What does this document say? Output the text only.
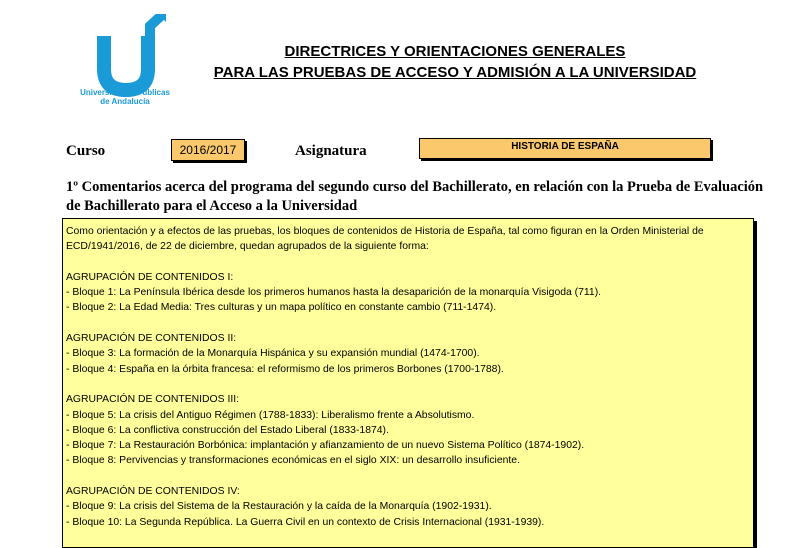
Universidades Públicas
de Andalucía
DIRECTRICES Y ORIENTACIONES GENERALES
PARA LAS PRUEBAS DE ACCESO Y ADMISIÓN A LA UNIVERSIDAD
Curso	2016/2017	Asignatura	HISTORIA DE ESPAÑA
1º Comentarios acerca del programa del segundo curso del Bachillerato, en relación con la Prueba de Evaluación de Bachillerato para el Acceso a la Universidad

Como orientación y a efectos de las pruebas, los bloques de contenidos de Historia de España, tal como figuran en la Orden Ministerial de ECD/1941/2016, de 22 de diciembre, quedan agrupados de la siguiente forma:

AGRUPACIÓN DE CONTENIDOS I:

- Bloque 1: La Península Ibérica desde los primeros humanos hasta la desaparición de la monarquía Visigoda (711).

- Bloque 2: La Edad Media: Tres culturas y un mapa político en constante cambio (711-1474).

AGRUPACIÓN DE CONTENIDOS II:

- Bloque 3: La formación de la Monarquía Hispánica y su expansión mundial (1474-1700).

- Bloque 4: España en la órbita francesa: el reformismo de los primeros Borbones (1700-1788).

AGRUPACIÓN DE CONTENIDOS III:

- Bloque 5: La crisis del Antiguo Régimen (1788-1833): Liberalismo frente a Absolutismo.

- Bloque 6: La conflictiva construcción del Estado Liberal (1833-1874).

- Bloque 7: La Restauración Borbónica: implantación y afianzamiento de un nuevo Sistema Político (1874-1902).

- Bloque 8: Pervivencias y transformaciones económicas en el siglo XIX: un desarrollo insuficiente.

AGRUPACIÓN DE CONTENIDOS IV:

- Bloque 9: La crisis del Sistema de la Restauración y la caída de la Monarquía (1902-1931).

- Bloque 10: La Segunda República. La Guerra Civil en un contexto de Crisis Internacional (1931-1939).
